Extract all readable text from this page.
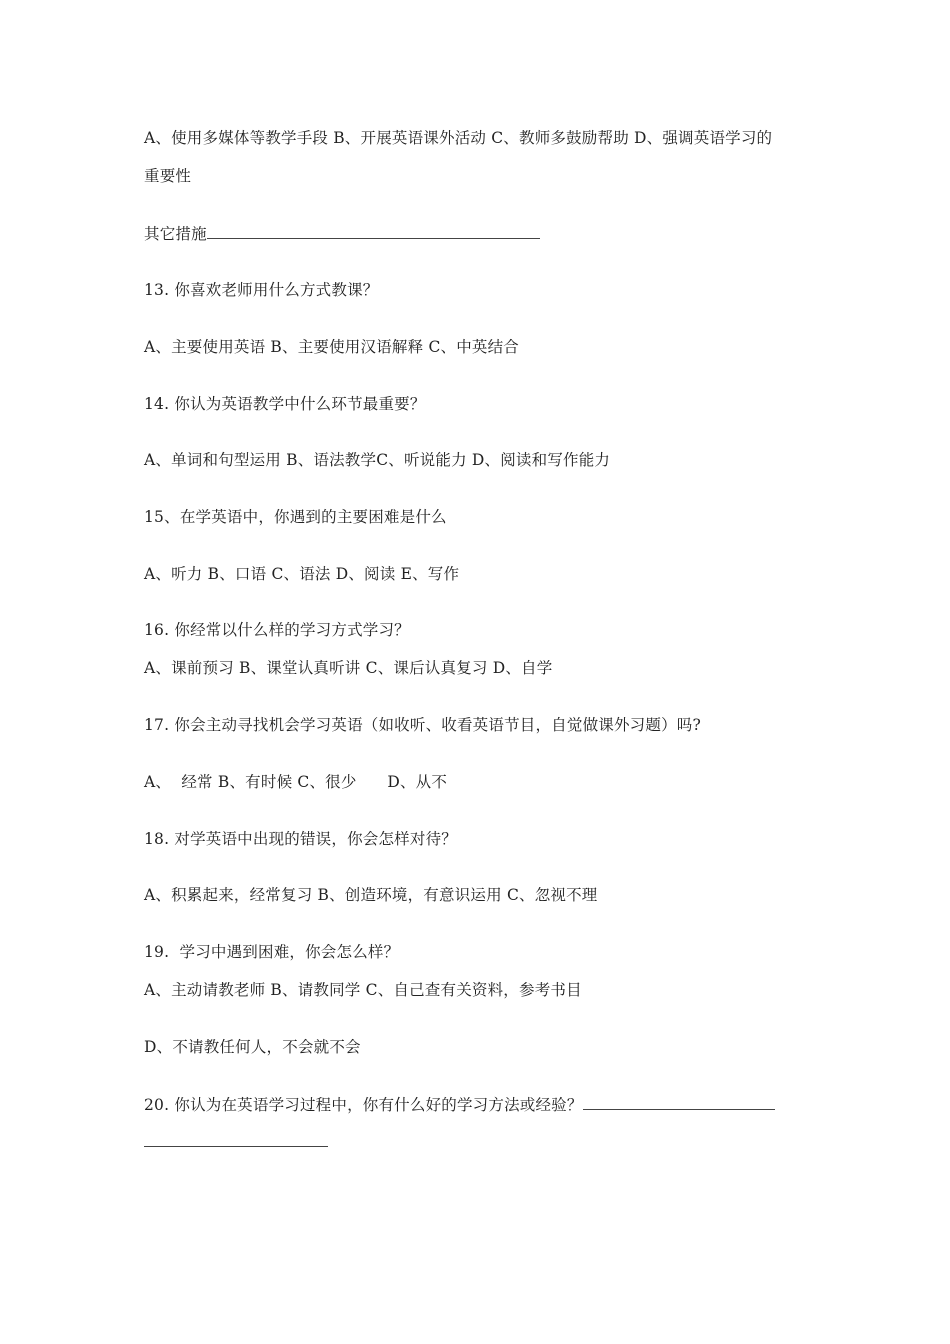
A、使用多媒体等教学手段 B、开展英语课外活动 C、教师多鼓励帮助 D、强调英语学习的
重要性
其它措施
13. 你喜欢老师用什么方式教课？
A、主要使用英语 B、主要使用汉语解释 C、中英结合
14. 你认为英语教学中什么环节最重要？
A、单词和句型运用 B、语法教学C、听说能力 D、阅读和写作能力
15、在学英语中，你遇到的主要困难是什么
A、听力 B、口语 C、语法 D、阅读 E、写作
16. 你经常以什么样的学习方式学习？
A、课前预习 B、课堂认真听讲 C、课后认真复习 D、自学
17. 你会主动寻找机会学习英语（如收听、收看英语节目，自觉做课外习题）吗?
A、  经常 B、有时候 C、很少      D、从不
18. 对学英语中出现的错误，你会怎样对待？
A、积累起来，经常复习 B、创造环境，有意识运用 C、忽视不理
19.  学习中遇到困难，你会怎么样？
A、主动请教老师 B、请教同学 C、自己查有关资料，参考书目
D、不请教任何人，不会就不会
20. 你认为在英语学习过程中，你有什么好的学习方法或经验？
